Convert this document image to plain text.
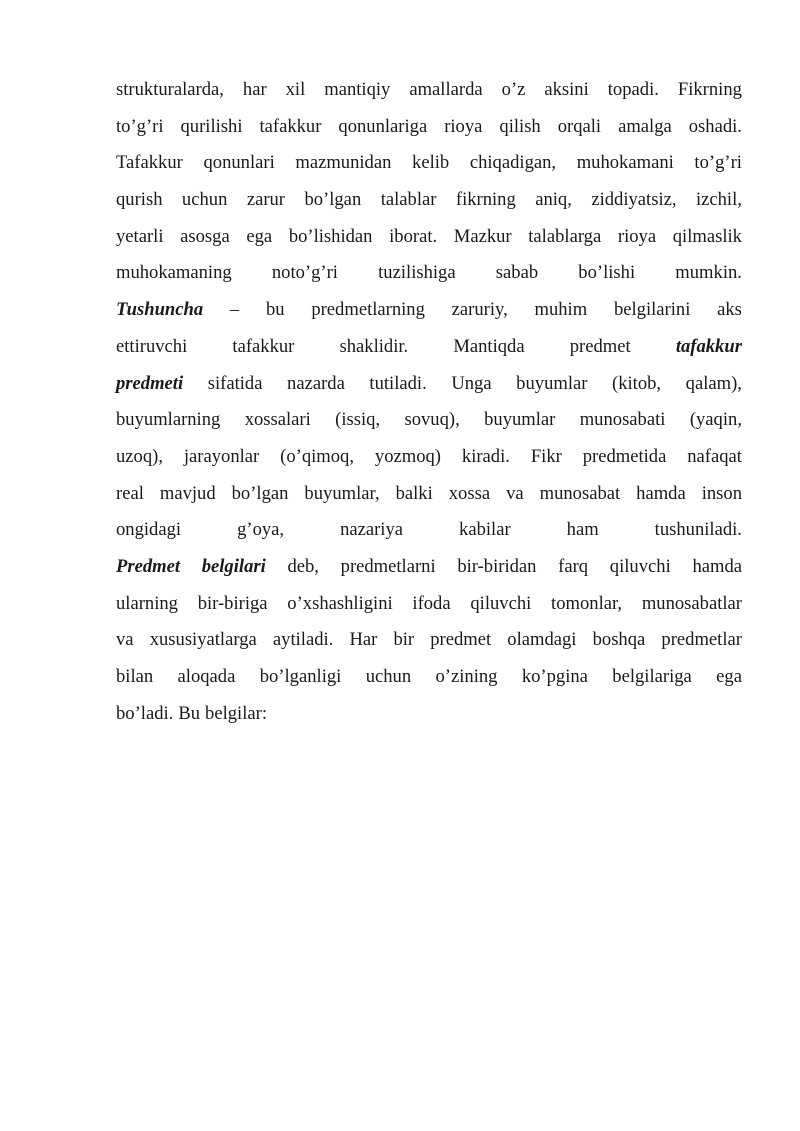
strukturalarda, har xil mantiqiy amallarda o’z aksini topadi. Fikrning
to’g’ri qurilishi tafakkur qonunlariga rioya qilish orqali amalga oshadi.
Tafakkur qonunlari mazmunidan kelib chiqadigan, muhokamani to’g’ri
qurish uchun zarur bo’lgan talablar fikrning aniq, ziddiyatsiz, izchil,
yetarli asosga ega bo’lishidan iborat. Mazkur talablarga rioya qilmaslik
muhokamaning noto’g’ri tuzilishiga sabab bo’lishi mumkin.
Tushuncha – bu predmetlarning zaruriy, muhim belgilarini aks
ettiruvchi tafakkur shaklidir. Mantiqda predmet tafakkur
predmeti sifatida nazarda tutiladi. Unga buyumlar (kitob, qalam),
buyumlarning xossalari (issiq, sovuq), buyumlar munosabati (yaqin,
uzoq), jarayonlar (o’qimoq, yozmoq) kiradi. Fikr predmetida nafaqat
real mavjud bo’lgan buyumlar, balki xossa va munosabat hamda inson
ongidagi	g’oya,	nazariya	kabilar	ham	tushuniladi.
Predmet belgilari deb, predmetlarni bir-biridan farq qiluvchi hamda
ularning bir-biriga o’xshashligini ifoda qiluvchi tomonlar, munosabatlar
va xususiyatlarga aytiladi. Har bir predmet olamdagi boshqa predmetlar
bilan aloqada bo’lganligi uchun o’zining ko’pgina belgilariga ega
bo’ladi. Bu belgilar:
